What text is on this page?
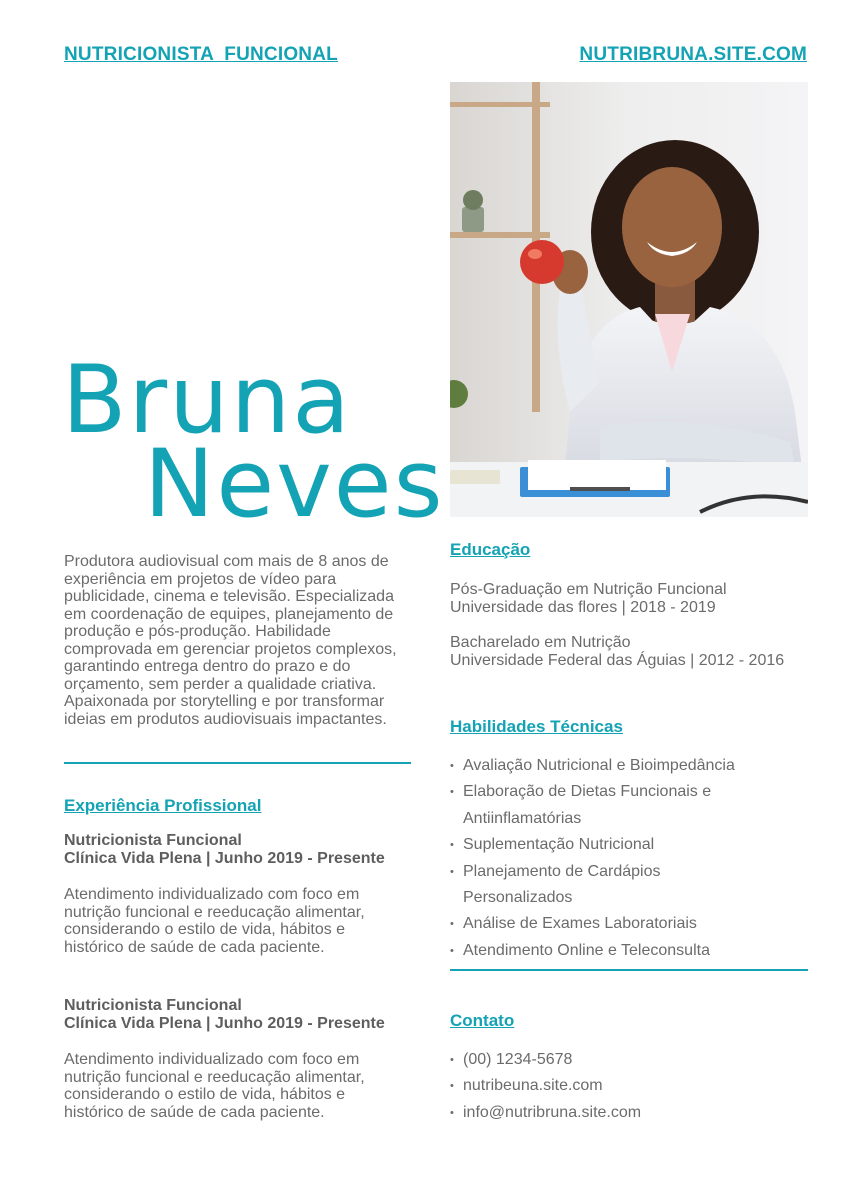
NUTRICIONISTA  FUNCIONAL	NUTRIBRUNA.SITE.COM
Bruna
Neves
Produtora audiovisual com mais de 8 anos de experiência em projetos de vídeo para publicidade, cinema e televisão. Especializada em coordenação de equipes, planejamento de produção e pós-produção. Habilidade comprovada em gerenciar projetos complexos, garantindo entrega dentro do prazo e do orçamento, sem perder a qualidade criativa. Apaixonada por storytelling e por transformar ideias em produtos audiovisuais impactantes.
Experiência Profissional
Nutricionista Funcional
Clínica Vida Plena | Junho 2019 - Presente
Atendimento individualizado com foco em nutrição funcional e reeducação alimentar, considerando o estilo de vida, hábitos e histórico de saúde de cada paciente.
Nutricionista Funcional
Clínica Vida Plena | Junho 2019 - Presente
Atendimento individualizado com foco em nutrição funcional e reeducação alimentar, considerando o estilo de vida, hábitos e histórico de saúde de cada paciente.
Educação
Pós-Graduação em Nutrição Funcional
Universidade das flores | 2018 - 2019
Bacharelado em Nutrição
Universidade Federal das Águias | 2012 - 2016
Habilidades Técnicas
• Avaliação Nutricional e Bioimpedância
• Elaboração de Dietas Funcionais e Antiinflamatórias
• Suplementação Nutricional
• Planejamento de Cardápios Personalizados
• Análise de Exames Laboratoriais
• Atendimento Online e Teleconsulta
Contato
• (00) 1234-5678
• nutribeuna.site.com
• info@nutribruna.site.com
